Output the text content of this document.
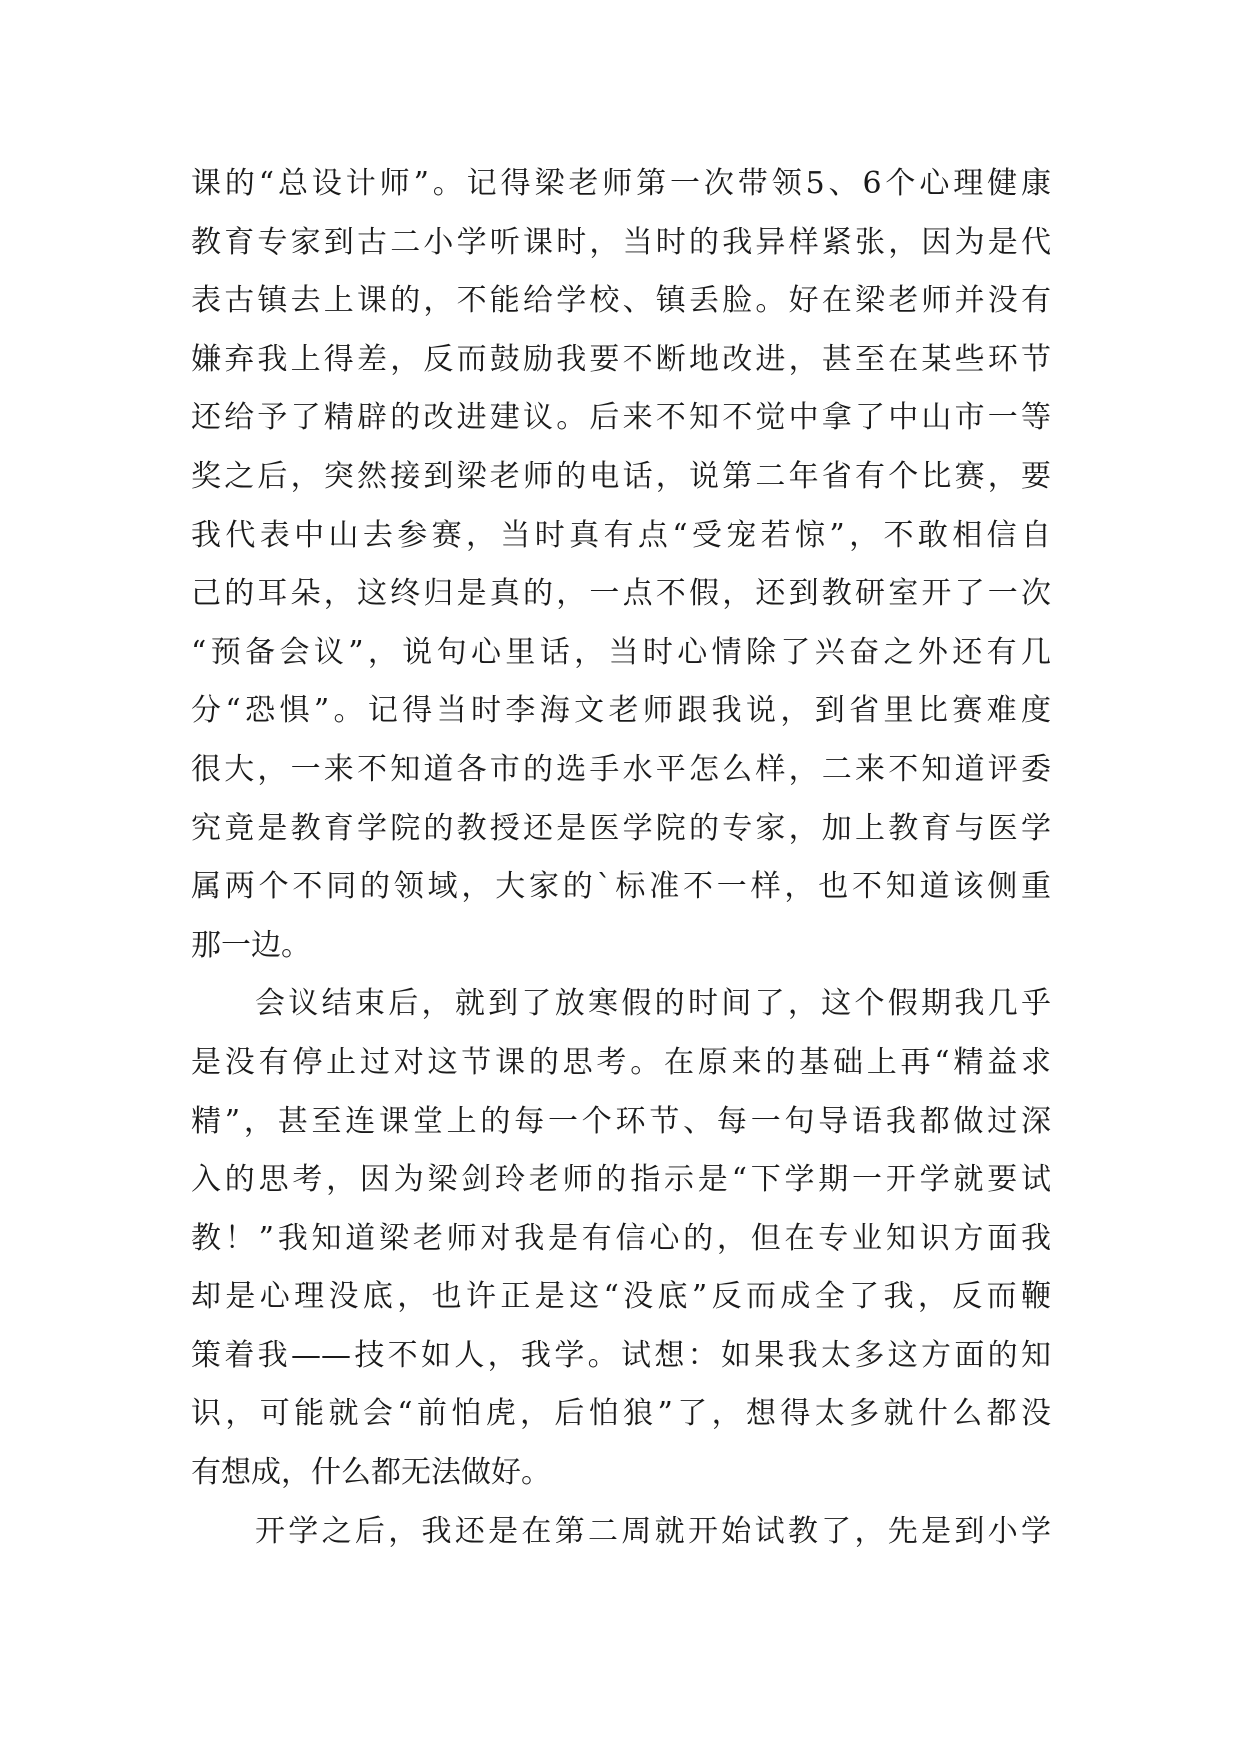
课的“总设计师”。记得梁老师第一次带领5、6个心理健康
教育专家到古二小学听课时，当时的我异样紧张，因为是代
表古镇去上课的，不能给学校、镇丢脸。好在梁老师并没有
嫌弃我上得差，反而鼓励我要不断地改进，甚至在某些环节
还给予了精辟的改进建议。后来不知不觉中拿了中山市一等
奖之后，突然接到梁老师的电话，说第二年省有个比赛，要
我代表中山去参赛，当时真有点“受宠若惊”，不敢相信自
己的耳朵，这终归是真的，一点不假，还到教研室开了一次
“预备会议”，说句心里话，当时心情除了兴奋之外还有几
分“恐惧”。记得当时李海文老师跟我说，到省里比赛难度
很大，一来不知道各市的选手水平怎么样，二来不知道评委
究竟是教育学院的教授还是医学院的专家，加上教育与医学
属两个不同的领域，大家的`标准不一样，也不知道该侧重
那一边。
会议结束后，就到了放寒假的时间了，这个假期我几乎
是没有停止过对这节课的思考。在原来的基础上再“精益求
精”，甚至连课堂上的每一个环节、每一句导语我都做过深
入的思考，因为梁剑玲老师的指示是“下学期一开学就要试
教！”我知道梁老师对我是有信心的，但在专业知识方面我
却是心理没底，也许正是这“没底”反而成全了我，反而鞭
策着我——技不如人，我学。试想：如果我太多这方面的知
识，可能就会“前怕虎，后怕狼”了，想得太多就什么都没
有想成，什么都无法做好。
开学之后，我还是在第二周就开始试教了，先是到小学
